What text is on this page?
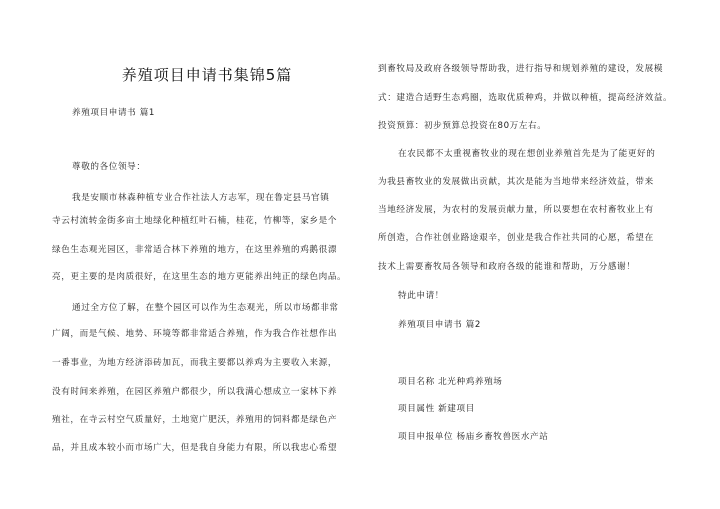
养殖项目申请书集锦5篇
养殖项目申请书 篇1
尊敬的各位领导：
我是安顺市林森种植专业合作社法人方志军，现在鲁定县马官镇
寺云村流转金街多亩土地绿化种植红叶石楠，桂花，竹柳等，家乡是个
绿色生态观光园区，非常适合林下养殖的地方，在这里养殖的鸡鹅很漂
亮，更主要的是肉质很好，在这里生态的地方更能养出纯正的绿色肉品。
通过全方位了解，在整个园区可以作为生态观光，所以市场都非常
广阔，而是气候、地势、环境等都非常适合养殖，作为我合作社想作出
一番事业，为地方经济添砖加瓦，而我主要都以养鸡为主要收入来源，
没有时间来养殖，在园区养殖户都很少，所以我满心想成立一家林下养
殖社，在寺云村空气质量好，土地宽广肥沃，养殖用的饲料都是绿色产
品，并且成本较小而市场广大，但是我自身能力有限，所以我忠心希望
到畜牧局及政府各级领导帮助我，进行指导和规划养殖的建设，发展模
式：建造合适野生态鸡圈，选取优质种鸡，并做以种植，提高经济效益。
投资预算：初步预算总投资在80万左右。
在农民都不太重视畜牧业的现在想创业养殖首先是为了能更好的
为我县畜牧业的发展做出贡献，其次是能为当地带来经济效益，带来
当地经济发展，为农村的发展贡献力量，所以要想在农村畜牧业上有
所创造，合作社创业路途艰辛，创业是我合作社共同的心愿，希望在
技术上需要畜牧局各领导和政府各级的能谁和帮助，万分感谢！
特此申请！
养殖项目申请书 篇2
项目名称 北光种鸡养殖场
项目属性 新建项目
项目申报单位 杨庙乡畜牧兽医水产站
